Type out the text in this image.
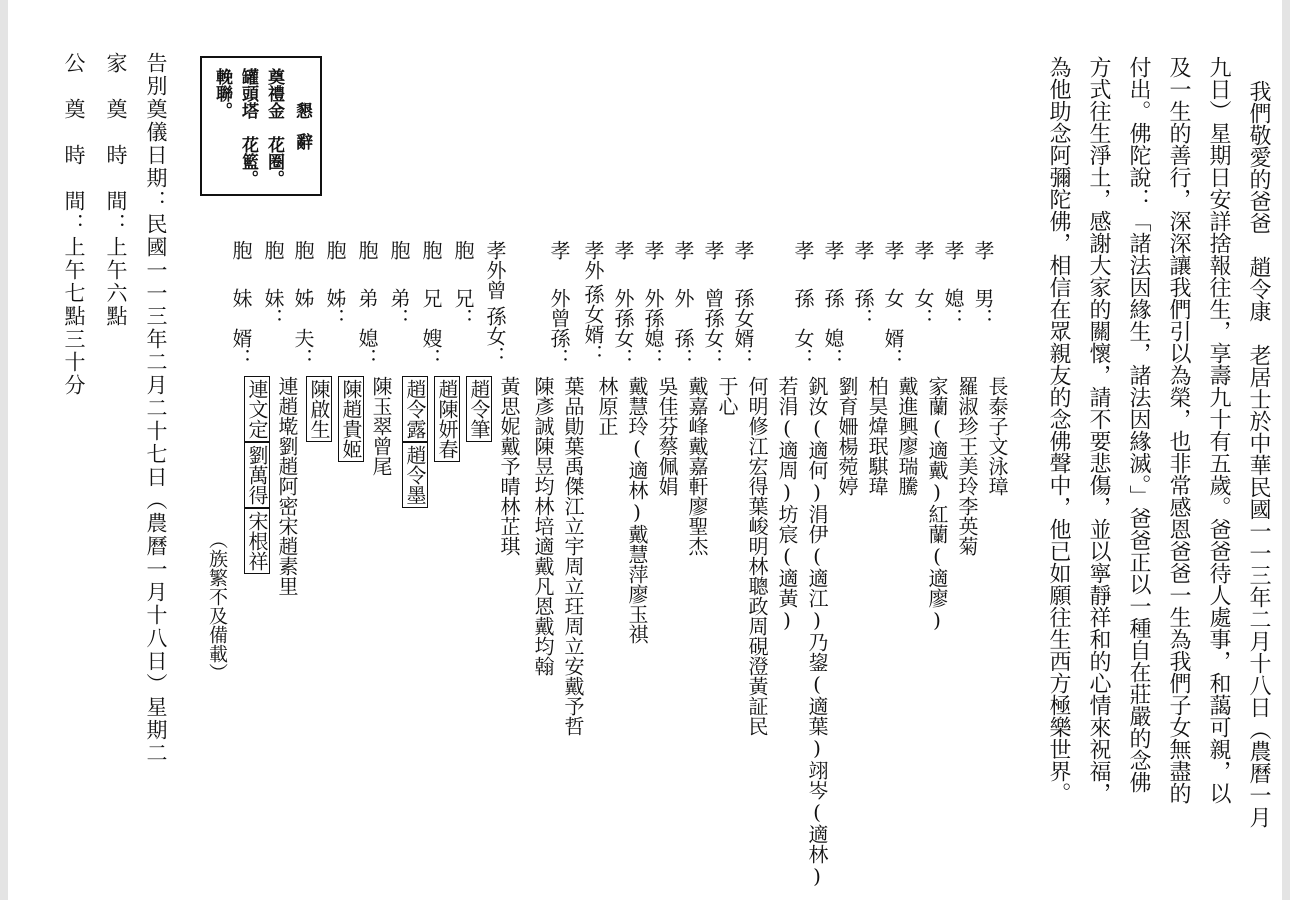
我們敬愛的爸爸　趙令康　老居士於中華民國一一三年二月十八日（農曆一月
九日）星期日安詳捨報往生，享壽九十有五歲。爸爸待人處事，和藹可親，以
及一生的善行，深深讓我們引以為榮，也非常感恩爸爸一生為我們子女無盡的
付出。佛陀說：「諸法因緣生，諸法因緣滅。」爸爸正以一種自在莊嚴的念佛
方式往生淨土，感謝大家的關懷，請不要悲傷，並以寧靜祥和的心情來祝福，
為他助念阿彌陀佛，相信在眾親友的念佛聲中，他已如願往生西方極樂世界。
孝
男：
長泰子文泳璋
孝
媳：
羅淑珍王美玲李英菊
孝
女：
家蘭(適戴)紅蘭(適廖)
孝
女　婿：
戴進興廖瑞騰
孝
孫：
柏昊煒珉騏瑋
孝
孫　媳：
劉育姍楊菀婷
孝
孫　女：
釩汝(適何)涓伊(適江)乃鋆(適葉)翊岑(適林)
若涓(適周)坊宸(適黃)
孝
孫女婿：
何明修江宏得葉峻明林聰政周硯澄黃証民
孝
曾孫女：
于心
孝
外　孫：
戴嘉峰戴嘉軒廖聖杰
孝
外孫媳：
吳佳芬蔡佩娟
孝
外孫女：
戴慧玲(適林)戴慧萍廖玉祺
孝外
孫女婿：
林原正
孝
外曾孫：
葉品勛葉禹傑江立宇周立玨周立安戴予哲
陳彥誠陳昱均林培適戴凡恩戴均翰
孝外曾
孫女：
黃思妮戴予晴林芷琪
胞
兄：
趙令筆
胞
兄　嫂：
趙陳妍春
胞
弟：
趙令露趙令墨
胞
弟　媳：
陳玉翠曾尾
胞
姊：
陳趙貴姬
胞
姊　夫：
陳啟生
胞
妹：
連趙墘劉趙阿密宋趙素里
胞
妹　婿：
連文定劉萬得宋根祥
（族繁不及備載）
懇辭
奠禮金　花圈。
罐頭塔　花籃。
輓聯。
告別奠儀日期：民國一一三年二月二十七日（農曆一月十八日）星期二
家　奠　時　間：上午六點
公　奠　時　間：上午七點三十分
